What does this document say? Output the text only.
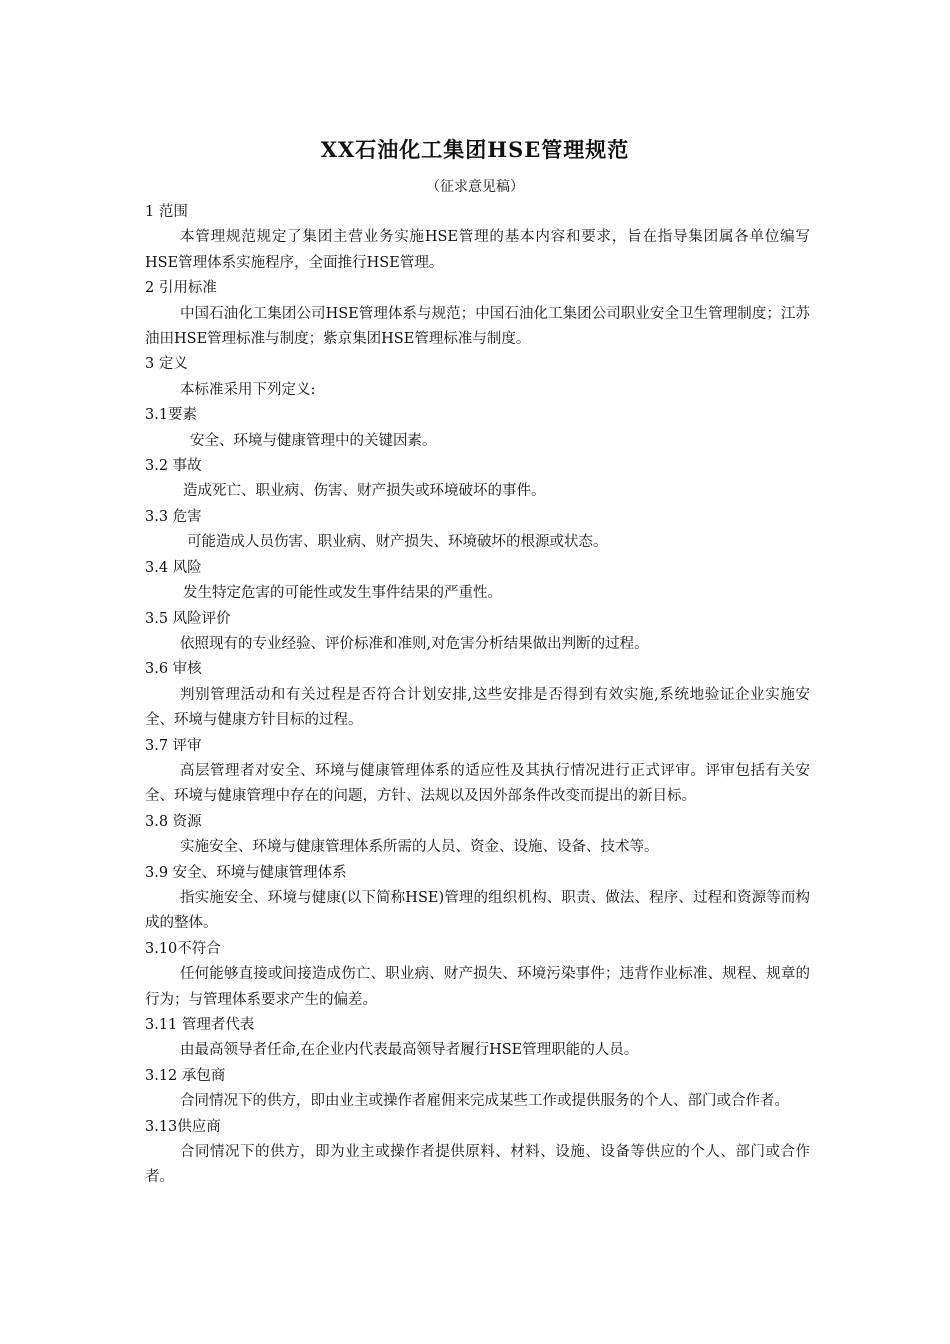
XX石油化工集团HSE管理规范
（征求意见稿）

1 范围

本管理规范规定了集团主营业务实施HSE管理的基本内容和要求，旨在指导集团属各单位编写HSE管理体系实施程序，全面推行HSE管理。

2 引用标准

中国石油化工集团公司HSE管理体系与规范；中国石油化工集团公司职业安全卫生管理制度；江苏油田HSE管理标准与制度；紫京集团HSE管理标准与制度。

3 定义

本标准采用下列定义:

3.1要素

安全、环境与健康管理中的关键因素。

3.2 事故

造成死亡、职业病、伤害、财产损失或环境破坏的事件。

3.3 危害

可能造成人员伤害、职业病、财产损失、环境破坏的根源或状态。

3.4 风险

发生特定危害的可能性或发生事件结果的严重性。

3.5 风险评价

依照现有的专业经验、评价标准和准则,对危害分析结果做出判断的过程。

3.6 审核

判别管理活动和有关过程是否符合计划安排,这些安排是否得到有效实施,系统地验证企业实施安全、环境与健康方针目标的过程。

3.7 评审

高层管理者对安全、环境与健康管理体系的适应性及其执行情况进行正式评审。评审包括有关安全、环境与健康管理中存在的问题，方针、法规以及因外部条件改变而提出的新目标。

3.8 资源

实施安全、环境与健康管理体系所需的人员、资金、设施、设备、技术等。

3.9 安全、环境与健康管理体系

指实施安全、环境与健康(以下简称HSE)管理的组织机构、职责、做法、程序、过程和资源等而构成的整体。

3.10不符合

任何能够直接或间接造成伤亡、职业病、财产损失、环境污染事件；违背作业标准、规程、规章的行为；与管理体系要求产生的偏差。

3.11 管理者代表

由最高领导者任命,在企业内代表最高领导者履行HSE管理职能的人员。

3.12 承包商

合同情况下的供方，即由业主或操作者雇佣来完成某些工作或提供服务的个人、部门或合作者。

3.13供应商

合同情况下的供方，即为业主或操作者提供原料、材料、设施、设备等供应的个人、部门或合作者。
